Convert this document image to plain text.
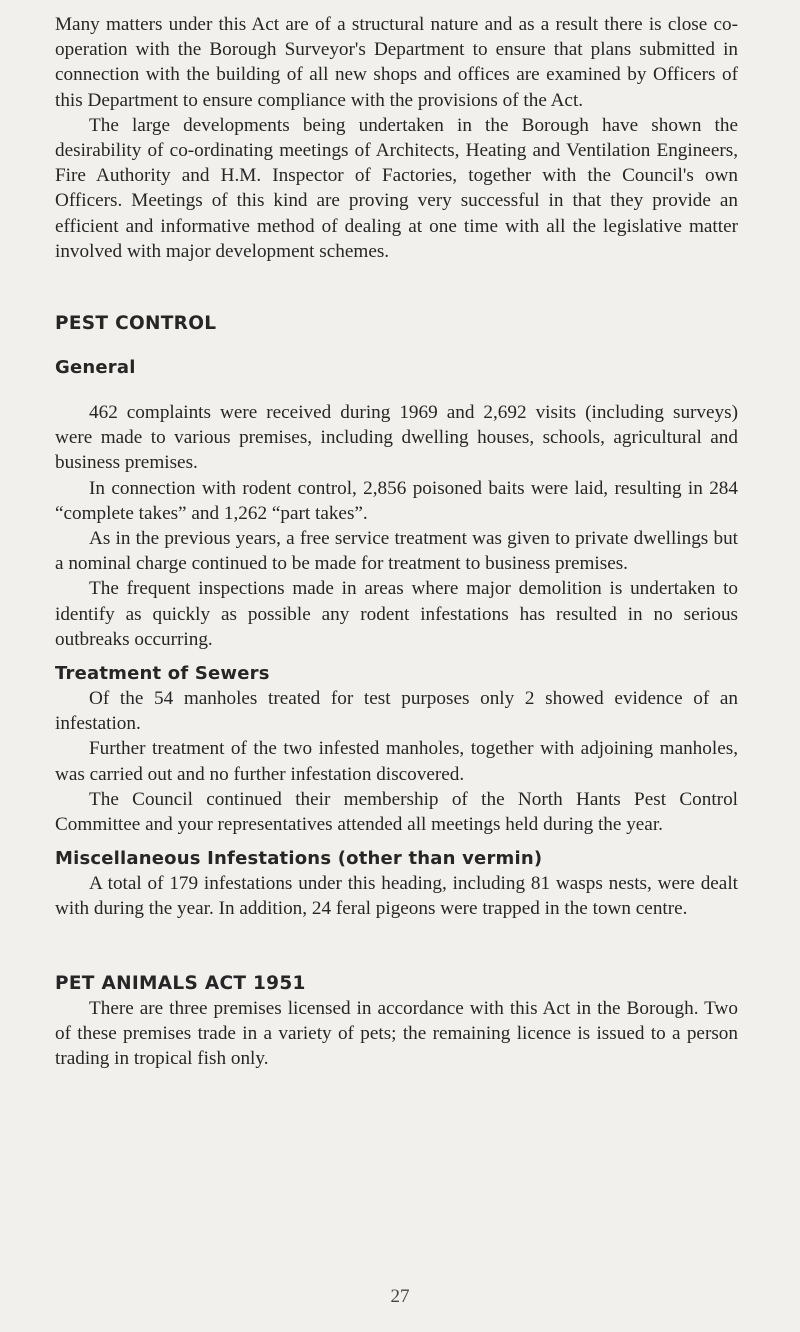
Many matters under this Act are of a structural nature and as a result there is close co-operation with the Borough Surveyor's Department to ensure that plans submitted in connection with the building of all new shops and offices are examined by Officers of this Department to ensure compliance with the provisions of the Act.

The large developments being undertaken in the Borough have shown the desirability of co-ordinating meetings of Architects, Heating and Ventilation Engineers, Fire Authority and H.M. Inspector of Factories, together with the Council's own Officers. Meetings of this kind are proving very successful in that they provide an efficient and informative method of dealing at one time with all the legislative matter involved with major development schemes.

PEST CONTROL
General

462 complaints were received during 1969 and 2,692 visits (including surveys) were made to various premises, including dwelling houses, schools, agricultural and business premises.

In connection with rodent control, 2,856 poisoned baits were laid, resulting in 284 “complete takes” and 1,262 “part takes”.

As in the previous years, a free service treatment was given to private dwellings but a nominal charge continued to be made for treatment to business premises.

The frequent inspections made in areas where major demolition is undertaken to identify as quickly as possible any rodent infestations has resulted in no serious outbreaks occurring.

Treatment of Sewers

Of the 54 manholes treated for test purposes only 2 showed evidence of an infestation.

Further treatment of the two infested manholes, together with adjoining manholes, was carried out and no further infestation discovered.

The Council continued their membership of the North Hants Pest Control Committee and your representatives attended all meetings held during the year.

Miscellaneous Infestations (other than vermin)

A total of 179 infestations under this heading, including 81 wasps nests, were dealt with during the year. In addition, 24 feral pigeons were trapped in the town centre.

PET ANIMALS ACT 1951

There are three premises licensed in accordance with this Act in the Borough. Two of these premises trade in a variety of pets; the remaining licence is issued to a person trading in tropical fish only.

27
